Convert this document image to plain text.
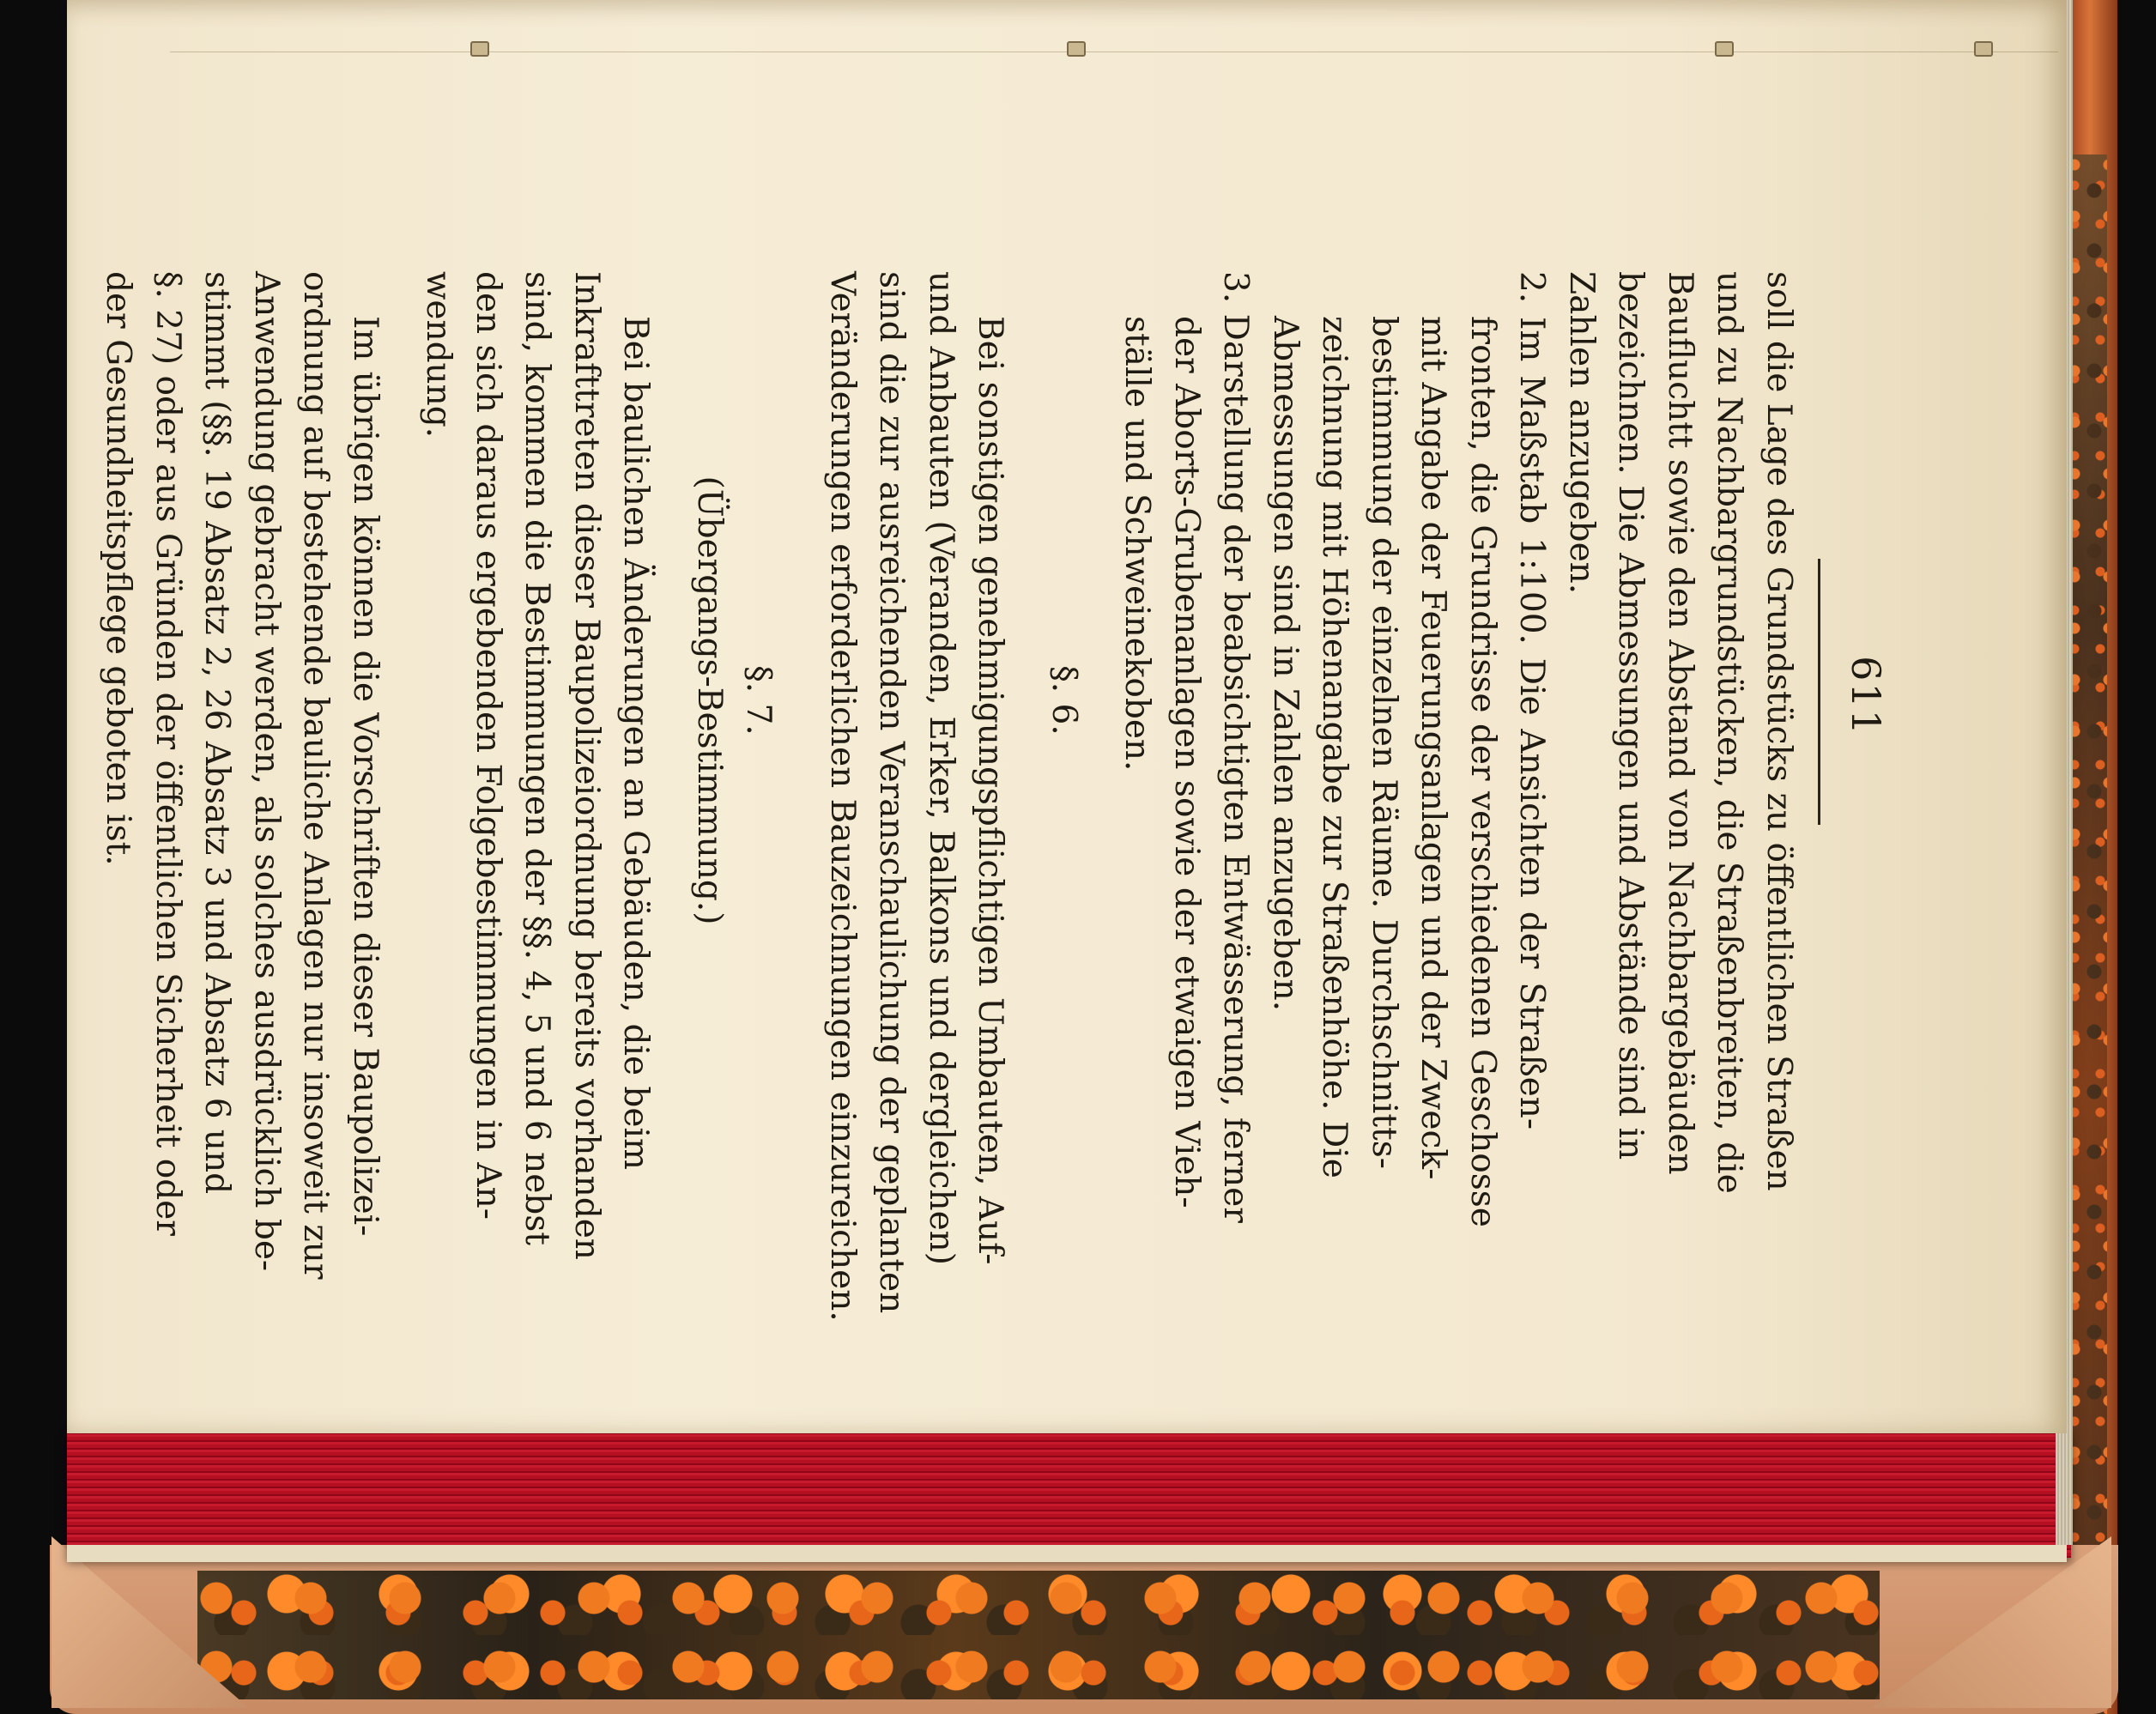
611
soll die Lage des Grundstücks zu öffentlichen Straßen
und zu Nachbargrundstücken, die Straßenbreiten, die
Baufluchtt sowie den Abstand von Nachbargebäuden
bezeichnen. Die Abmessungen und Abstände sind in
Zahlen anzugeben.
2. Im Maßstab 1:100. Die Ansichten der Straßen-
fronten, die Grundrisse der verschiedenen Geschosse
mit Angabe der Feuerungsanlagen und der Zweck-
bestimmung der einzelnen Räume. Durchschnitts-
zeichnung mit Höhenangabe zur Straßenhöhe. Die
Abmessungen sind in Zahlen anzugeben.
3. Darstellung der beabsichtigten Entwässerung, ferner
der Aborts-Grubenanlagen sowie der etwaigen Vieh-
ställe und Schweinekoben.
§. 6.
Bei sonstigen genehmigungspflichtigen Umbauten, Auf-
und Anbauten (Veranden, Erker, Balkons und dergleichen)
sind die zur ausreichenden Veranschaulichung der geplanten
Veränderungen erforderlichen Bauzeichnungen einzureichen.
§. 7.
(Übergangs-Bestimmung.)
Bei baulichen Änderungen an Gebäuden, die beim
Inkrafttreten dieser Baupolizeiordnung bereits vorhanden
sind, kommen die Bestimmungen der §§. 4, 5 und 6 nebst
den sich daraus ergebenden Folgebestimmungen in An-
wendung.
Im übrigen können die Vorschriften dieser Baupolizei-
ordnung auf bestehende bauliche Anlagen nur insoweit zur
Anwendung gebracht werden, als solches ausdrücklich be-
stimmt (§§. 19 Absatz 2, 26 Absatz 3 und Absatz 6 und
§. 27) oder aus Gründen der öffentlichen Sicherheit oder
der Gesundheitspflege geboten ist.
